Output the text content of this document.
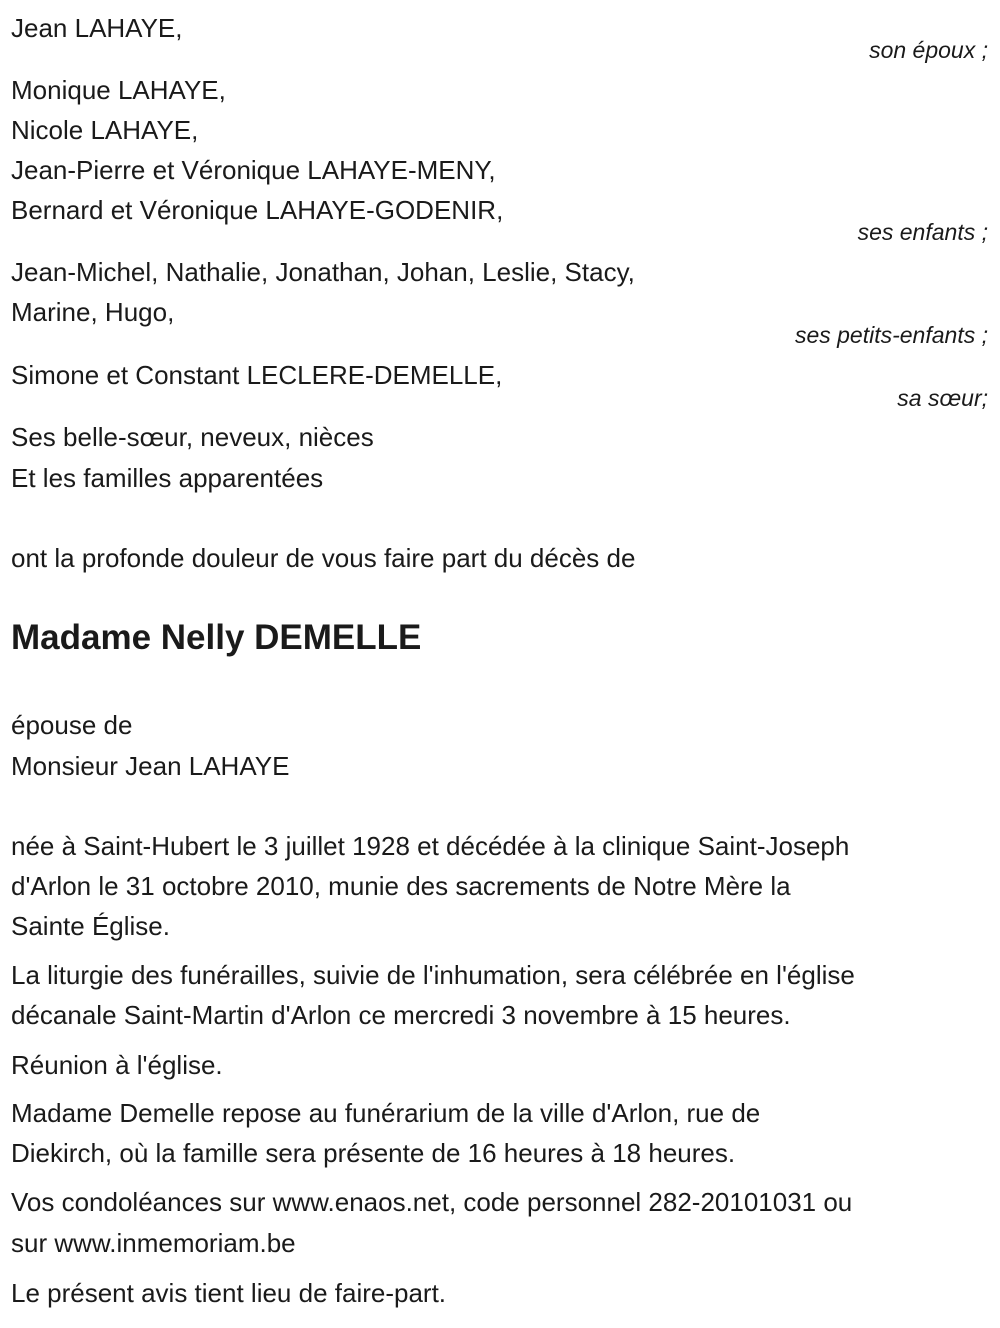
Jean LAHAYE,
son époux ;
Monique LAHAYE,
Nicole LAHAYE,
Jean-Pierre et Véronique LAHAYE-MENY,
Bernard et Véronique LAHAYE-GODENIR,
ses enfants ;
Jean-Michel, Nathalie, Jonathan, Johan, Leslie, Stacy,
Marine, Hugo,
ses petits-enfants ;
Simone et Constant LECLERE-DEMELLE,
sa sœur;
Ses belle-sœur, neveux, nièces
Et les familles apparentées
ont la profonde douleur de vous faire part du décès de
Madame Nelly DEMELLE
épouse de
Monsieur Jean LAHAYE
née à Saint-Hubert le 3 juillet 1928 et décédée à la clinique Saint-Joseph
d'Arlon le 31 octobre 2010, munie des sacrements de Notre Mère la
Sainte Église.
La liturgie des funérailles, suivie de l'inhumation, sera célébrée en l'église
décanale Saint-Martin d'Arlon ce mercredi 3 novembre à 15 heures.
Réunion à l'église.
Madame Demelle repose au funérarium de la ville d'Arlon, rue de
Diekirch, où la famille sera présente de 16 heures à 18 heures.
Vos condoléances sur www.enaos.net, code personnel 282-20101031 ou
sur www.inmemoriam.be
Le présent avis tient lieu de faire-part.
